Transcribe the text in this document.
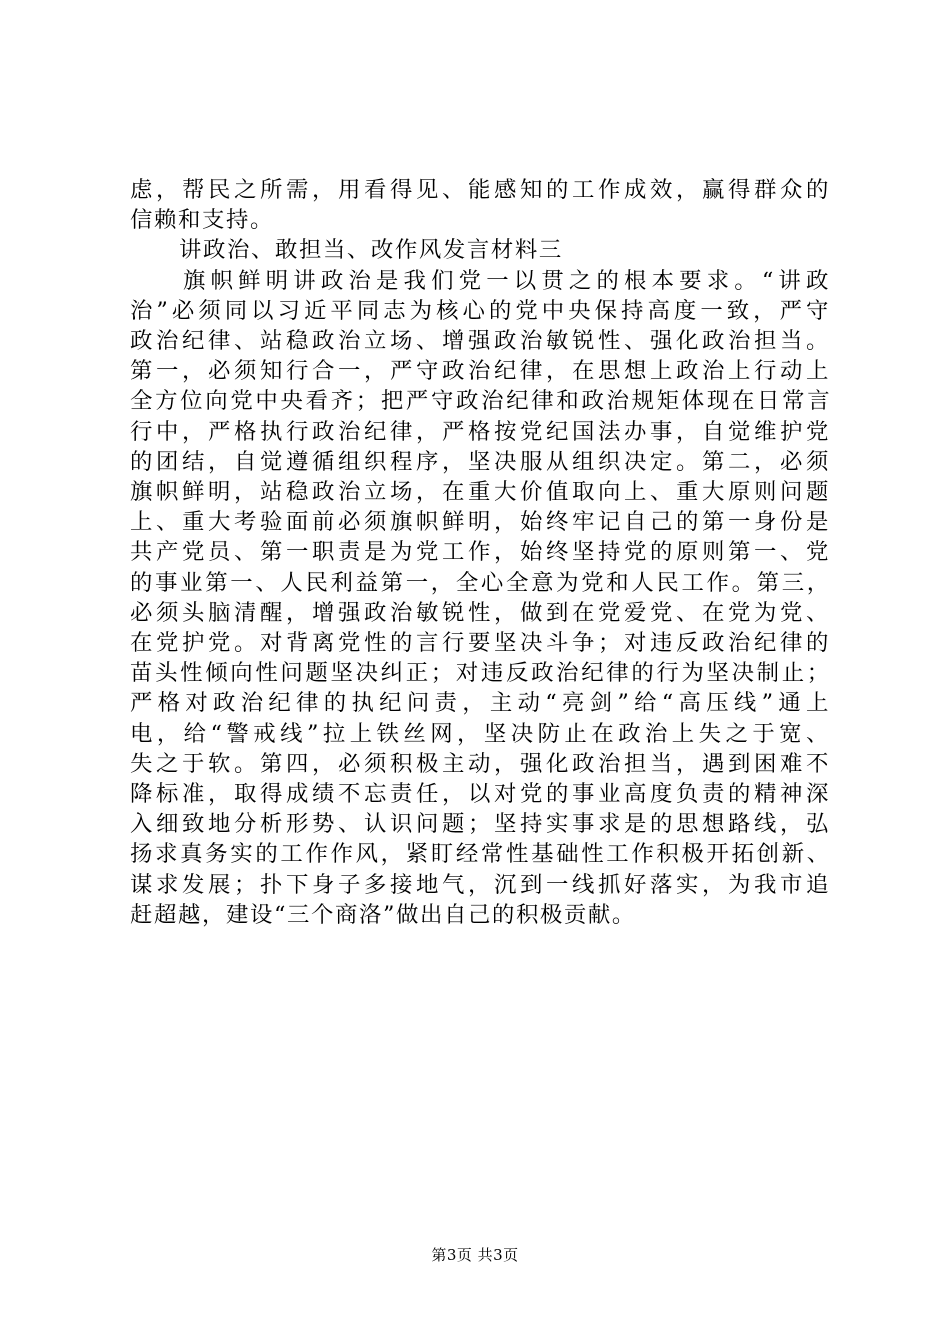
虑，帮民之所需，用看得见、能感知的工作成效，赢得群众的
信赖和支持。
讲政治、敢担当、改作风发言材料三
旗帜鲜明讲政治是我们党一以贯之的根本要求。“讲政
治”必须同以习近平同志为核心的党中央保持高度一致，严守
政治纪律、站稳政治立场、增强政治敏锐性、强化政治担当。
第一，必须知行合一，严守政治纪律，在思想上政治上行动上
全方位向党中央看齐；把严守政治纪律和政治规矩体现在日常言
行中，严格执行政治纪律，严格按党纪国法办事，自觉维护党
的团结，自觉遵循组织程序，坚决服从组织决定。第二，必须
旗帜鲜明，站稳政治立场，在重大价值取向上、重大原则问题
上、重大考验面前必须旗帜鲜明，始终牢记自己的第一身份是
共产党员、第一职责是为党工作，始终坚持党的原则第一、党
的事业第一、人民利益第一，全心全意为党和人民工作。第三，
必须头脑清醒，增强政治敏锐性，做到在党爱党、在党为党、
在党护党。对背离党性的言行要坚决斗争；对违反政治纪律的
苗头性倾向性问题坚决纠正；对违反政治纪律的行为坚决制止；
严格对政治纪律的执纪问责，主动“亮剑”给“高压线”通上
电，给“警戒线”拉上铁丝网，坚决防止在政治上失之于宽、
失之于软。第四，必须积极主动，强化政治担当，遇到困难不
降标准，取得成绩不忘责任，以对党的事业高度负责的精神深
入细致地分析形势、认识问题；坚持实事求是的思想路线，弘
扬求真务实的工作作风，紧盯经常性基础性工作积极开拓创新、
谋求发展；扑下身子多接地气，沉到一线抓好落实，为我市追
赶超越，建设“三个商洛”做出自己的积极贡献。
第3页 共3页
